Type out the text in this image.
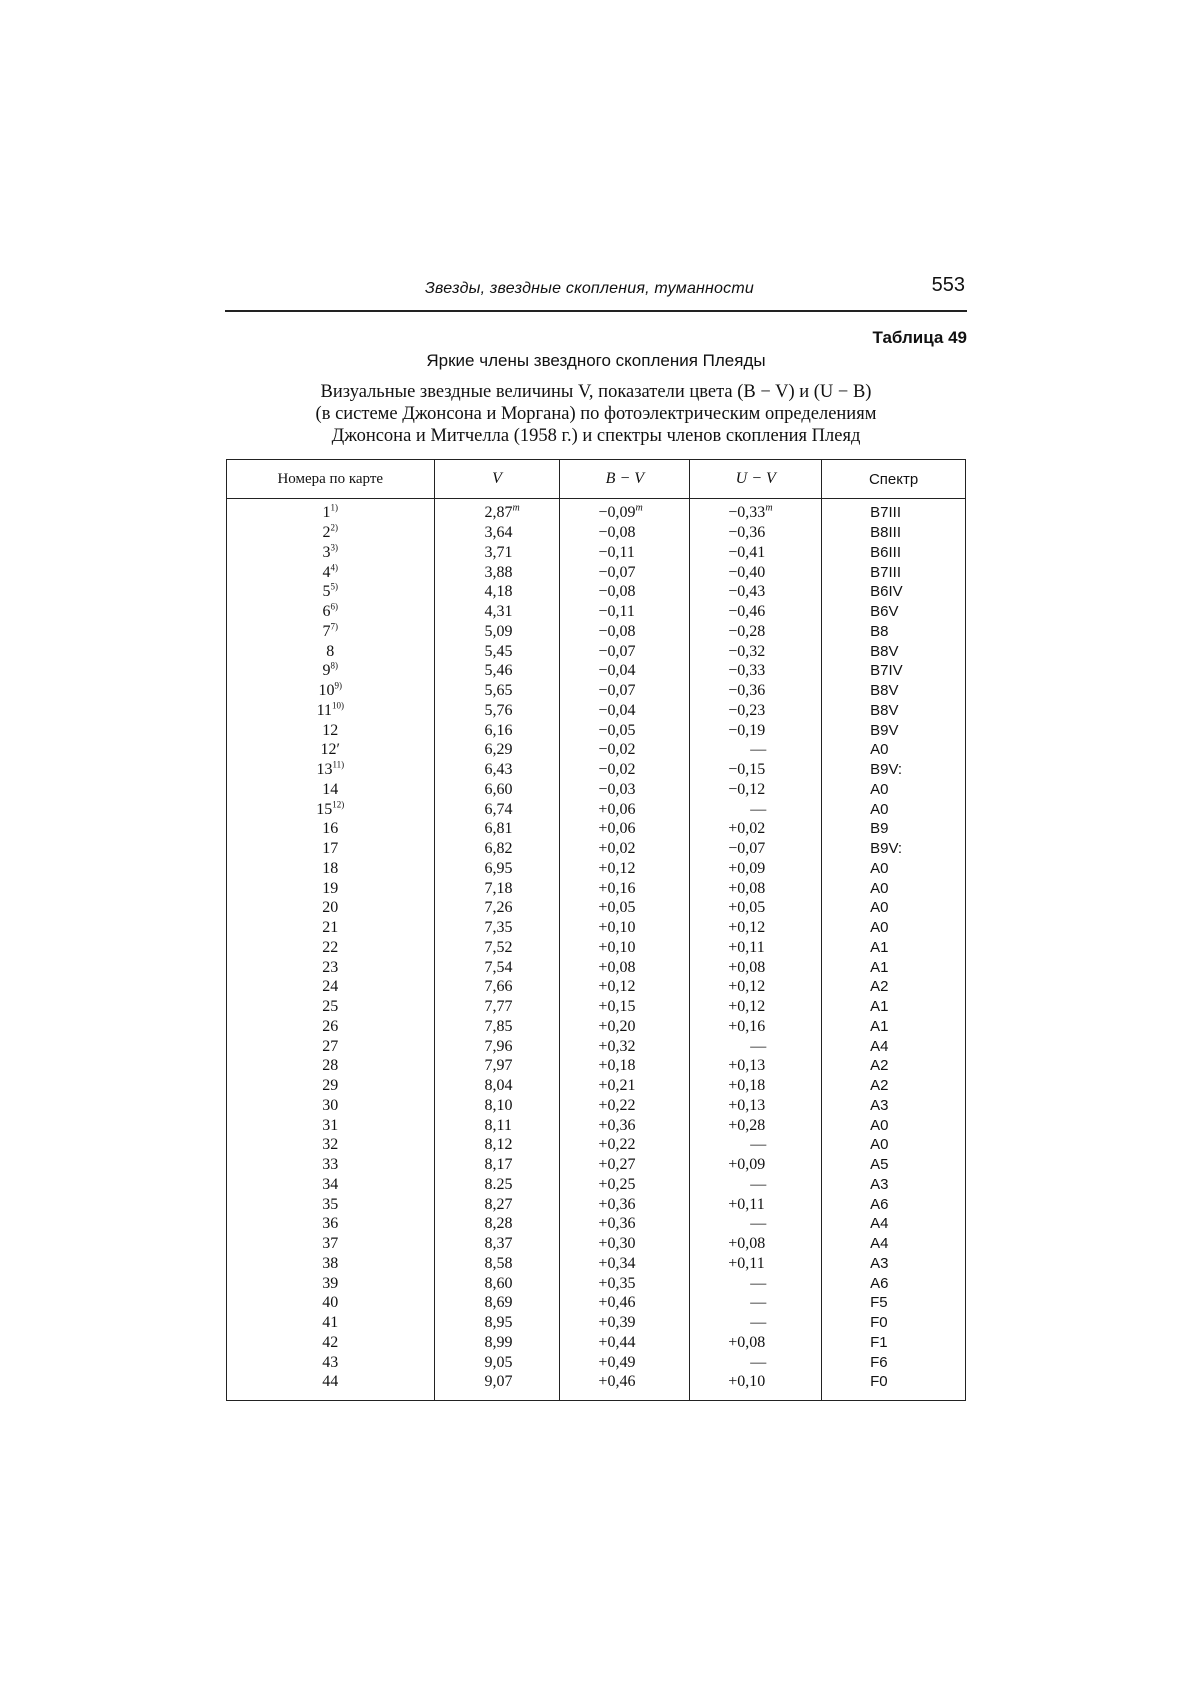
Звезды, звездные скопления, туманности	553
Таблица 49
Яркие члены звездного скопления Плеяды

Визуальные звездные величины V, показатели цвета (B − V) и (U − B)

(в системе Джонсона и Моргана) по фотоэлектрическим определениям

Джонсона и Митчелла (1958 г.) и спектры членов скопления Плеяд

Номера по карте	V	B − V	U − V	Спектр
1$^{1)}$	$2,87^m$	$-0,09^m$	$-0,33^m$	B7III
2$^{2)}$	3,64	−0,08	−0,36	B8III
3$^{3)}$	3,71	−0,11	−0,41	B6III
4$^{4)}$	3,88	−0,07	−0,40	B7III
5$^{5)}$	4,18	−0,08	−0,43	B6IV
6$^{6)}$	4,31	−0,11	−0,46	B6V
7$^{7)}$	5,09	−0,08	−0,28	B8
8	5,45	−0,07	−0,32	B8V
9$^{8)}$	5,46	−0,04	−0,33	B7IV
10$^{9)}$	5,65	−0,07	−0,36	B8V
11$^{10)}$	5,76	−0,04	−0,23	B8V
12	6,16	−0,05	−0,19	B9V
12′	6,29	−0,02	—	A0
13$^{11)}$	6,43	−0,02	−0,15	B9V:
14	6,60	−0,03	−0,12	A0
15$^{12)}$	6,74	+0,06	—	A0
16	6,81	+0,06	+0,02	B9
17	6,82	+0,02	−0,07	B9V:
18	6,95	+0,12	+0,09	A0
19	7,18	+0,16	+0,08	A0
20	7,26	+0,05	+0,05	A0
21	7,35	+0,10	+0,12	A0
22	7,52	+0,10	+0,11	A1
23	7,54	+0,08	+0,08	A1
24	7,66	+0,12	+0,12	A2
25	7,77	+0,15	+0,12	A1
26	7,85	+0,20	+0,16	A1
27	7,96	+0,32	—	A4
28	7,97	+0,18	+0,13	A2
29	8,04	+0,21	+0,18	A2
30	8,10	+0,22	+0,13	A3
31	8,11	+0,36	+0,28	A0
32	8,12	+0,22	—	A0
33	8,17	+0,27	+0,09	A5
34	8.25	+0,25	—	A3
35	8,27	+0,36	+0,11	A6
36	8,28	+0,36	—	A4
37	8,37	+0,30	+0,08	A4
38	8,58	+0,34	+0,11	A3
39	8,60	+0,35	—	A6
40	8,69	+0,46	—	F5
41	8,95	+0,39	—	F0
42	8,99	+0,44	+0,08	F1
43	9,05	+0,49	—	F6
44	9,07	+0,46	+0,10	F0
